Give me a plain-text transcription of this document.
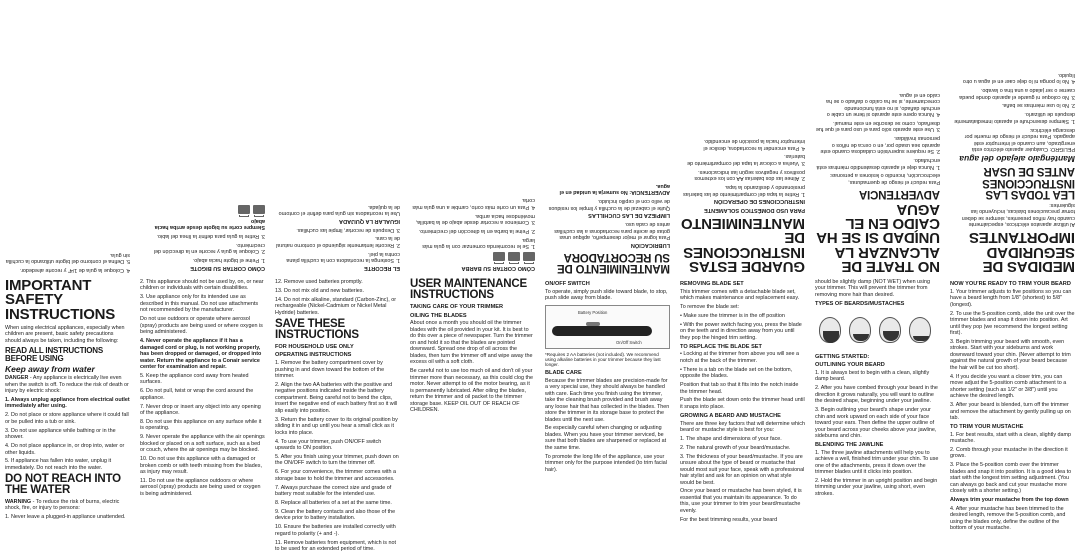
MEDIDAS DE SEGURIDAD IMPORTANTES

Al utilizar aparatos eléctricos, especialmente cuando hay niños presentes, siempre se deben tomar precauciones básicas, incluyendo las siguientes:

LEA TODAS LAS INSTRUCCIONES ANTES DE USAR
Manténgalo alejado del agua

PELIGRO: Cualquier aparato eléctrico está energizado, aun cuando el interruptor esté apagado. Para reducir el riesgo de muerte por descarga eléctrica:

1. Siempre desenchufe el aparato inmediatamente después de utilizarlo.

2. No lo use mientras se baña.

3. No coloque ni guarde el aparato donde pueda caerse o ser jalado a una tina o lavabo.

4. No lo ponga ni lo deje caer en el agua u otro líquido.

NO TRATE DE ALCANZAR LA UNIDAD SI SE HA CAÍDO EN EL AGUA
ADVERTENCIA

Para reducir el riesgo de quemaduras, electrocución, incendio o lesiones a personas:

1. Nunca deje el aparato desatendido mientras está enchufado.

2. Se requiere supervisión cuidadosa cuando este aparato sea usado por, en o cerca de niños o personas inválidas.

3. Use este aparato sólo para el uso para el que fue diseñado, como se describe en este manual.

4. Nunca opere este aparato si tiene un cable o enchufe dañado, si no está funcionando correctamente, si se ha caído o dañado o se ha caído en el agua.

GUARDE ESTAS INSTRUCCIONES DE MANTENIMIENTO
PARA USO DOMÉSTICO SOLAMENTE
INSTRUCCIONES DE OPERACIÓN

1. Retire la tapa del compartimiento de las baterías presionando y deslizando la tapa.

2. Alinee las dos baterías AA con los extremos positivos y negativos según las indicaciones.

3. Vuelva a colocar la tapa del compartimiento de baterías.

4. Para encender la recortadora, deslice el interruptor hacia la posición de encendido.

MANTENIMIENTO DE SU RECORTADORA
LUBRICACIÓN

Para lograr el mejor desempeño, aplique unas gotas de aceite para recortadoras a las cuchillas antes de cada uso.

LIMPIEZA DE LAS CUCHILLAS

Quite el cabezal de la cuchilla y limpie los residuos de vello con el cepillo incluido.

ADVERTENCIA: No sumerja la unidad en el agua.

CÓMO CORTAR SU BARBA

1. Se le recomienda comenzar con la guía más larga.

2. Peine la barba en la dirección del crecimiento.

3. Comience a recortar desde abajo de la barbilla, moviéndose hacia arriba.

4. Para un corte más corto, cambie a una guía más corta.

EL RECORTE

1. Sostenga la recortadora con la cuchilla plana contra la piel.

2. Recorte lentamente siguiendo el contorno natural de la cara.

3. Después de recortar, limpie las cuchillas.

IGUALAR LA QUIJADA

Use la recortadora sin guía para definir el contorno de la quijada.

CÓMO CORTAR SU BIGOTE

1. Peine el bigote hacia abajo.

2. Coloque la guía y recorte en la dirección del crecimiento.

3. Retire la guía para definir la línea del labio.

Siempre corte su bigote desde arriba hacia abajo

4. Coloque la guía de 1/4" y recorte alrededor.

5. Defina el contorno del bigote utilizando la cuchilla sin guía.

IMPORTANT SAFETY INSTRUCTIONS

When using electrical appliances, especially when children are present, basic safety precautions should always be taken, including the following:

READ ALL INSTRUCTIONS BEFORE USING
Keep away from water

DANGER - Any appliance is electrically live even when the switch is off. To reduce the risk of death or injury by electric shock:

1. Always unplug appliance from electrical outlet immediately after using.

2. Do not place or store appliance where it could fall or be pulled into a tub or sink.

3. Do not use appliance while bathing or in the shower.

4. Do not place appliance in, or drop into, water or other liquids.

5. If appliance has fallen into water, unplug it immediately. Do not reach into the water.

DO NOT REACH INTO THE WATER

WARNING - To reduce the risk of burns, electric shock, fire, or injury to persons:

1. Never leave a plugged-in appliance unattended.

2. This appliance should not be used by, on, or near children or individuals with certain disabilities.

3. Use appliance only for its intended use as described in this manual. Do not use attachments not recommended by the manufacturer.

Do not use outdoors or operate where aerosol (spray) products are being used or where oxygen is being administered.

4. Never operate the appliance if it has a damaged cord or plug, is not working properly, has been dropped or damaged, or dropped into water. Return the appliance to a Conair service center for examination and repair.

5. Keep the appliance cord away from heated surfaces.

6. Do not pull, twist or wrap the cord around the appliance.

7. Never drop or insert any object into any opening of the appliance.

8. Do not use this appliance on any surface while it is operating.

9. Never operate the appliance with the air openings blocked or placed on a soft surface, such as a bed or couch, where the air openings may be blocked.

10. Do not use this appliance with a damaged or broken comb or with teeth missing from the blades, as injury may result.

11. Do not use the appliance outdoors or where aerosol (spray) products are being used or oxygen is being administered.

12. Remove used batteries promptly.

13. Do not mix old and new batteries.

14. Do not mix alkaline, standard (Carbon-Zinc), or rechargeable (Nickel-Cadmium or Nickel Metal Hydride) batteries.

SAVE THESE INSTRUCTIONS
FOR HOUSEHOLD USE ONLY
OPERATING INSTRUCTIONS

1. Remove the battery compartment cover by pushing in and down toward the bottom of the trimmer.

2. Align the two AA batteries with the positive and negative positions indicated inside the battery compartment. Being careful not to bend the clips, insert the negative end of each battery first so it will slip easily into position.

3. Return the battery cover to its original position by sliding it in and up until you hear a small click as it locks into place.

4. To use your trimmer, push ON/OFF switch upwards to ON position.

5. After you finish using your trimmer, push down on the ON/OFF switch to turn the trimmer off.

6. For your convenience, the trimmer comes with a storage base to hold the trimmer and accessories.

7. Always purchase the correct size and grade of battery most suitable for the intended use.

8. Replace all batteries of a set at the same time.

9. Clean the battery contacts and also those of the device prior to battery installation.

10. Ensure the batteries are installed correctly with regard to polarity (+ and -).

11. Remove batteries from equipment, which is not to be used for an extended period of time.

USER MAINTENANCE INSTRUCTIONS
TAKING CARE OF YOUR TRIMMER
OILING THE BLADES

About once a month you should oil the trimmer blades with the oil provided in your kit. It is best to do this over a piece of newspaper. Turn the trimmer on and hold it so that the blades are pointed downward. Spread one drop of oil across the blades, then turn the trimmer off and wipe away the excess oil with a soft cloth.

Be careful not to use too much oil and don't oil your trimmer more than necessary, as this could clog the motor. Never attempt to oil the motor bearing, as it is permanently lubricated. After oiling the blades, return the trimmer and oil packet to the trimmer storage base. KEEP OIL OUT OF REACH OF CHILDREN.

ON/OFF SWITCH

To operate, simply push slide toward blade, to stop, push slide away from blade.

Battery Position
On/Off Switch

*Requires 2 AA batteries (not included). We recommend using alkaline batteries in your trimmer because they last longer.

BLADE CARE

Because the trimmer blades are precision-made for a very special use, they should always be handled with care. Each time you finish using the trimmer, take the cleaning brush provided and brush away any loose hair that has collected in the blades. Then store the trimmer in its storage base to protect the blades until the next use.

Be especially careful when changing or adjusting blades. When you have your trimmer serviced, be sure that both blades are sharpened or replaced at the same time.

To promote the long life of the appliance, use your trimmer only for the purpose intended (to trim facial hair).

REMOVING BLADE SET

This trimmer comes with a detachable blade set, which makes maintenance and replacement easy.

To remove the blade set:

• Make sure the trimmer is in the off position

• With the power switch facing you, press the blade on the teeth and in direction away from you until they pop the hinged trim setting.

TO REPLACE THE BLADE SET

• Locking at the trimmer from above you will see a notch at the back of the trimmer.

• There is a tab on the blade set on the bottom, opposite the blades.

Position that tab so that it fits into the notch inside the trimmer head.

Push the blade set down onto the trimmer head until it snaps into place.

GROWING A BEARD AND MUSTACHE

There are three key factors that will determine which beard or mustache style is best for you:

1. The shape and dimensions of your face.

2. The natural growth of your beard/mustache.

3. The thickness of your beard/mustache. If you are unsure about the type of beard or mustache that would most suit your face, speak with a professional hair stylist and ask for an opinion on what style would be best.

Once your beard or mustache has been styled, it is essential that you maintain its appearance. To do this, use your trimmer to trim your beard/mustache evenly.

For the best trimming results, your beard

should be slightly damp (NOT WET) when using your trimmer. This will prevent the trimmer from removing more hair than desired.

TYPES OF BEARDS/MUSTACHES
GETTING STARTED:
OUTLINING YOUR BEARD

1. It is always best to begin with a clean, slightly damp beard.

2. After you have combed through your beard in the direction it grows naturally, you will want to outline the desired shape, beginning under your jawline.

3. Begin outlining your beard's shape under your chin and work upward on each side of your face toward your ears. Then define the upper outline of your beard across your cheeks above your jawline, sideburns and chin.

BLENDING THE JAWLINE

1. The three jawline attachments will help you to achieve a well, finished trim under your chin. To use one of the attachments, press it down over the trimmer blades until it clicks into position.

2. Hold the trimmer in an upright position and begin trimming under your jawline, using short, even strokes.

NOW YOU'RE READY TO TRIM YOUR BEARD

1. Your trimmer adjusts to five positions so you can have a beard length from 1/8" (shortest) to 5/8" (longest).

2. To use the 5-position comb, slide the unit over the trimmer blades and snap it down into position. Art until they pop (we recommend the longest setting first).

3. Begin trimming your beard with smooth, even strokes. Start with your sideburns and work downward toward your chin. (Never attempt to trim against the natural growth of your beard because the hair will be cut too short).

4. If you decide you want a closer trim, you can move adjust the 5-position comb attachment to a shorter setting (such as 1/2" or 3/8") until you achieve the desired length.

3. After your beard is blended, turn off the trimmer and remove the attachment by gently pulling up on tab.

TO TRIM YOUR MUSTACHE

1. For best results, start with a clean, slightly damp mustache.

2. Comb through your mustache in the direction it grows.

3. Place the 5-position comb over the trimmer blades and snap it into position. It is a good idea to start with the longest trim setting adjustment. (You can always go back and cut your mustache more closely with a shorter setting.)

Always trim your mustache from the top down

4. After your mustache has been trimmed to the desired length, remove the 5-position comb, and using the blades only, define the outline of the bottom of your mustache.
